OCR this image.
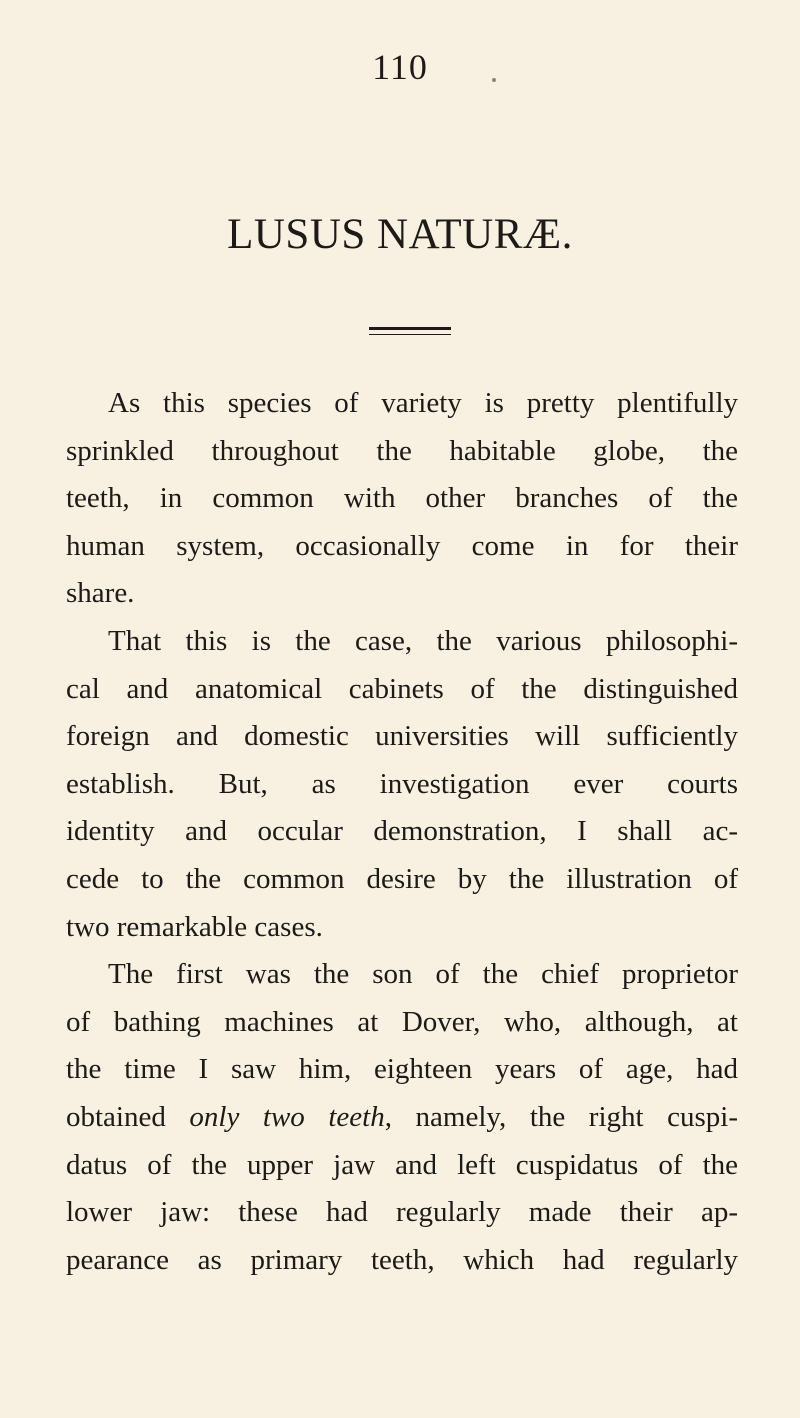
110
LUSUS NATURÆ.
As this species of variety is pretty plentifully
sprinkled throughout the habitable globe, the
teeth, in common with other branches of the
human system, occasionally come in for their
share.
That this is the case, the various philosophi-
cal and anatomical cabinets of the distinguished
foreign and domestic universities will sufficiently
establish. But, as investigation ever courts
identity and occular demonstration, I shall ac-
cede to the common desire by the illustration of
two remarkable cases.
The first was the son of the chief proprietor
of bathing machines at Dover, who, although, at
the time I saw him, eighteen years of age, had
obtained only two teeth, namely, the right cuspi-
datus of the upper jaw and left cuspidatus of the
lower jaw: these had regularly made their ap-
pearance as primary teeth, which had regularly
